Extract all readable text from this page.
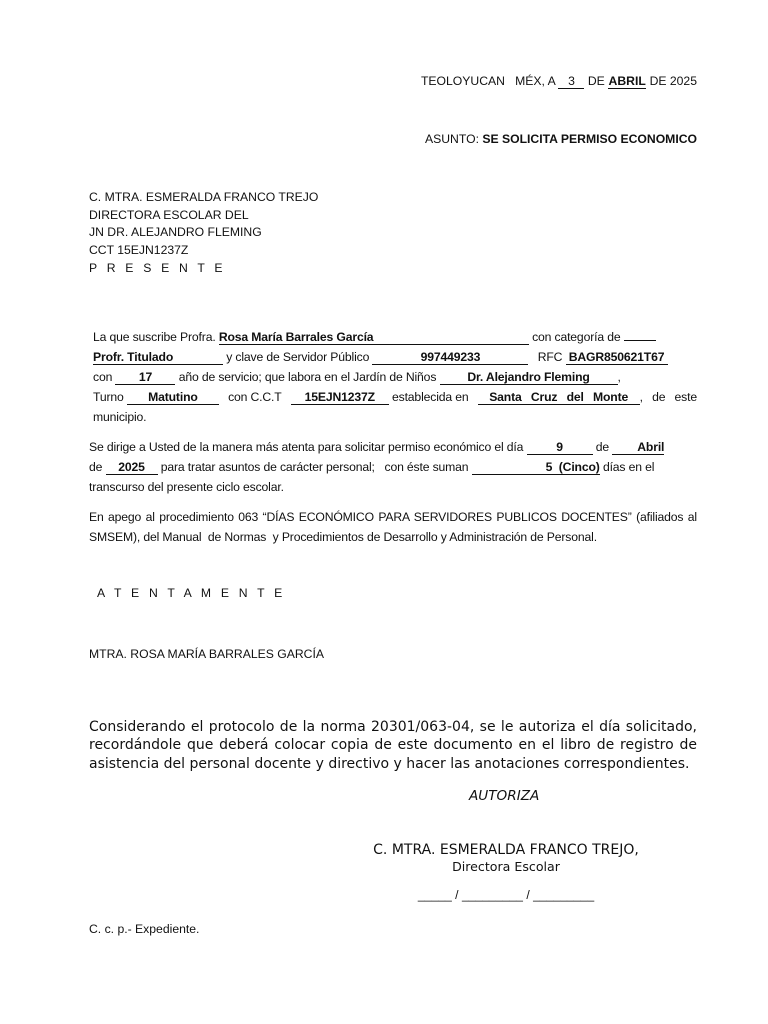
TEOLOYUCAN   MÉX, A 3 DE ABRIL DE 2025
ASUNTO: SE SOLICITA PERMISO ECONOMICO
C. MTRA. ESMERALDA FRANCO TREJO
DIRECTORA ESCOLAR DEL
JN DR. ALEJANDRO FLEMING
CCT 15EJN1237Z
P R E S E N T E
La que suscribe Profra. Rosa María Barrales García	con categoría de
Profr. Titulado	y clave de Servidor Público	997449233	RFC BAGR850621T67
con 17 año de servicio; que labora en el Jardín de Niños	Dr. Alejandro Fleming ,
Turno Matutino	con C.C.T	15EJN1237Z establecida en	Santa Cruz del Monte , de este
municipio.
Se dirige a Usted de la manera más atenta para solicitar permiso económico el día	9	de Abril
de 2025 para tratar asuntos de carácter personal;   con éste suman	5  (Cinco) días en el
transcurso del presente ciclo escolar.
En apego al procedimiento 063 “DÍAS ECONÓMICO PARA SERVIDORES PUBLICOS DOCENTES” (afiliados al SMSEM), del Manual  de Normas  y Procedimientos de Desarrollo y Administración de Personal.
A T E N T A M E N T E
MTRA. ROSA MARÍA BARRALES GARCÍA
Considerando el protocolo de la norma 20301/063-04, se le autoriza el día solicitado, recordándole que deberá colocar copia de este documento en el libro de registro de asistencia del personal docente y directivo y hacer las anotaciones correspondientes.
AUTORIZA
C. MTRA. ESMERALDA FRANCO TREJO,
Directora Escolar
_____ / _________ / _________
C. c. p.- Expediente.
